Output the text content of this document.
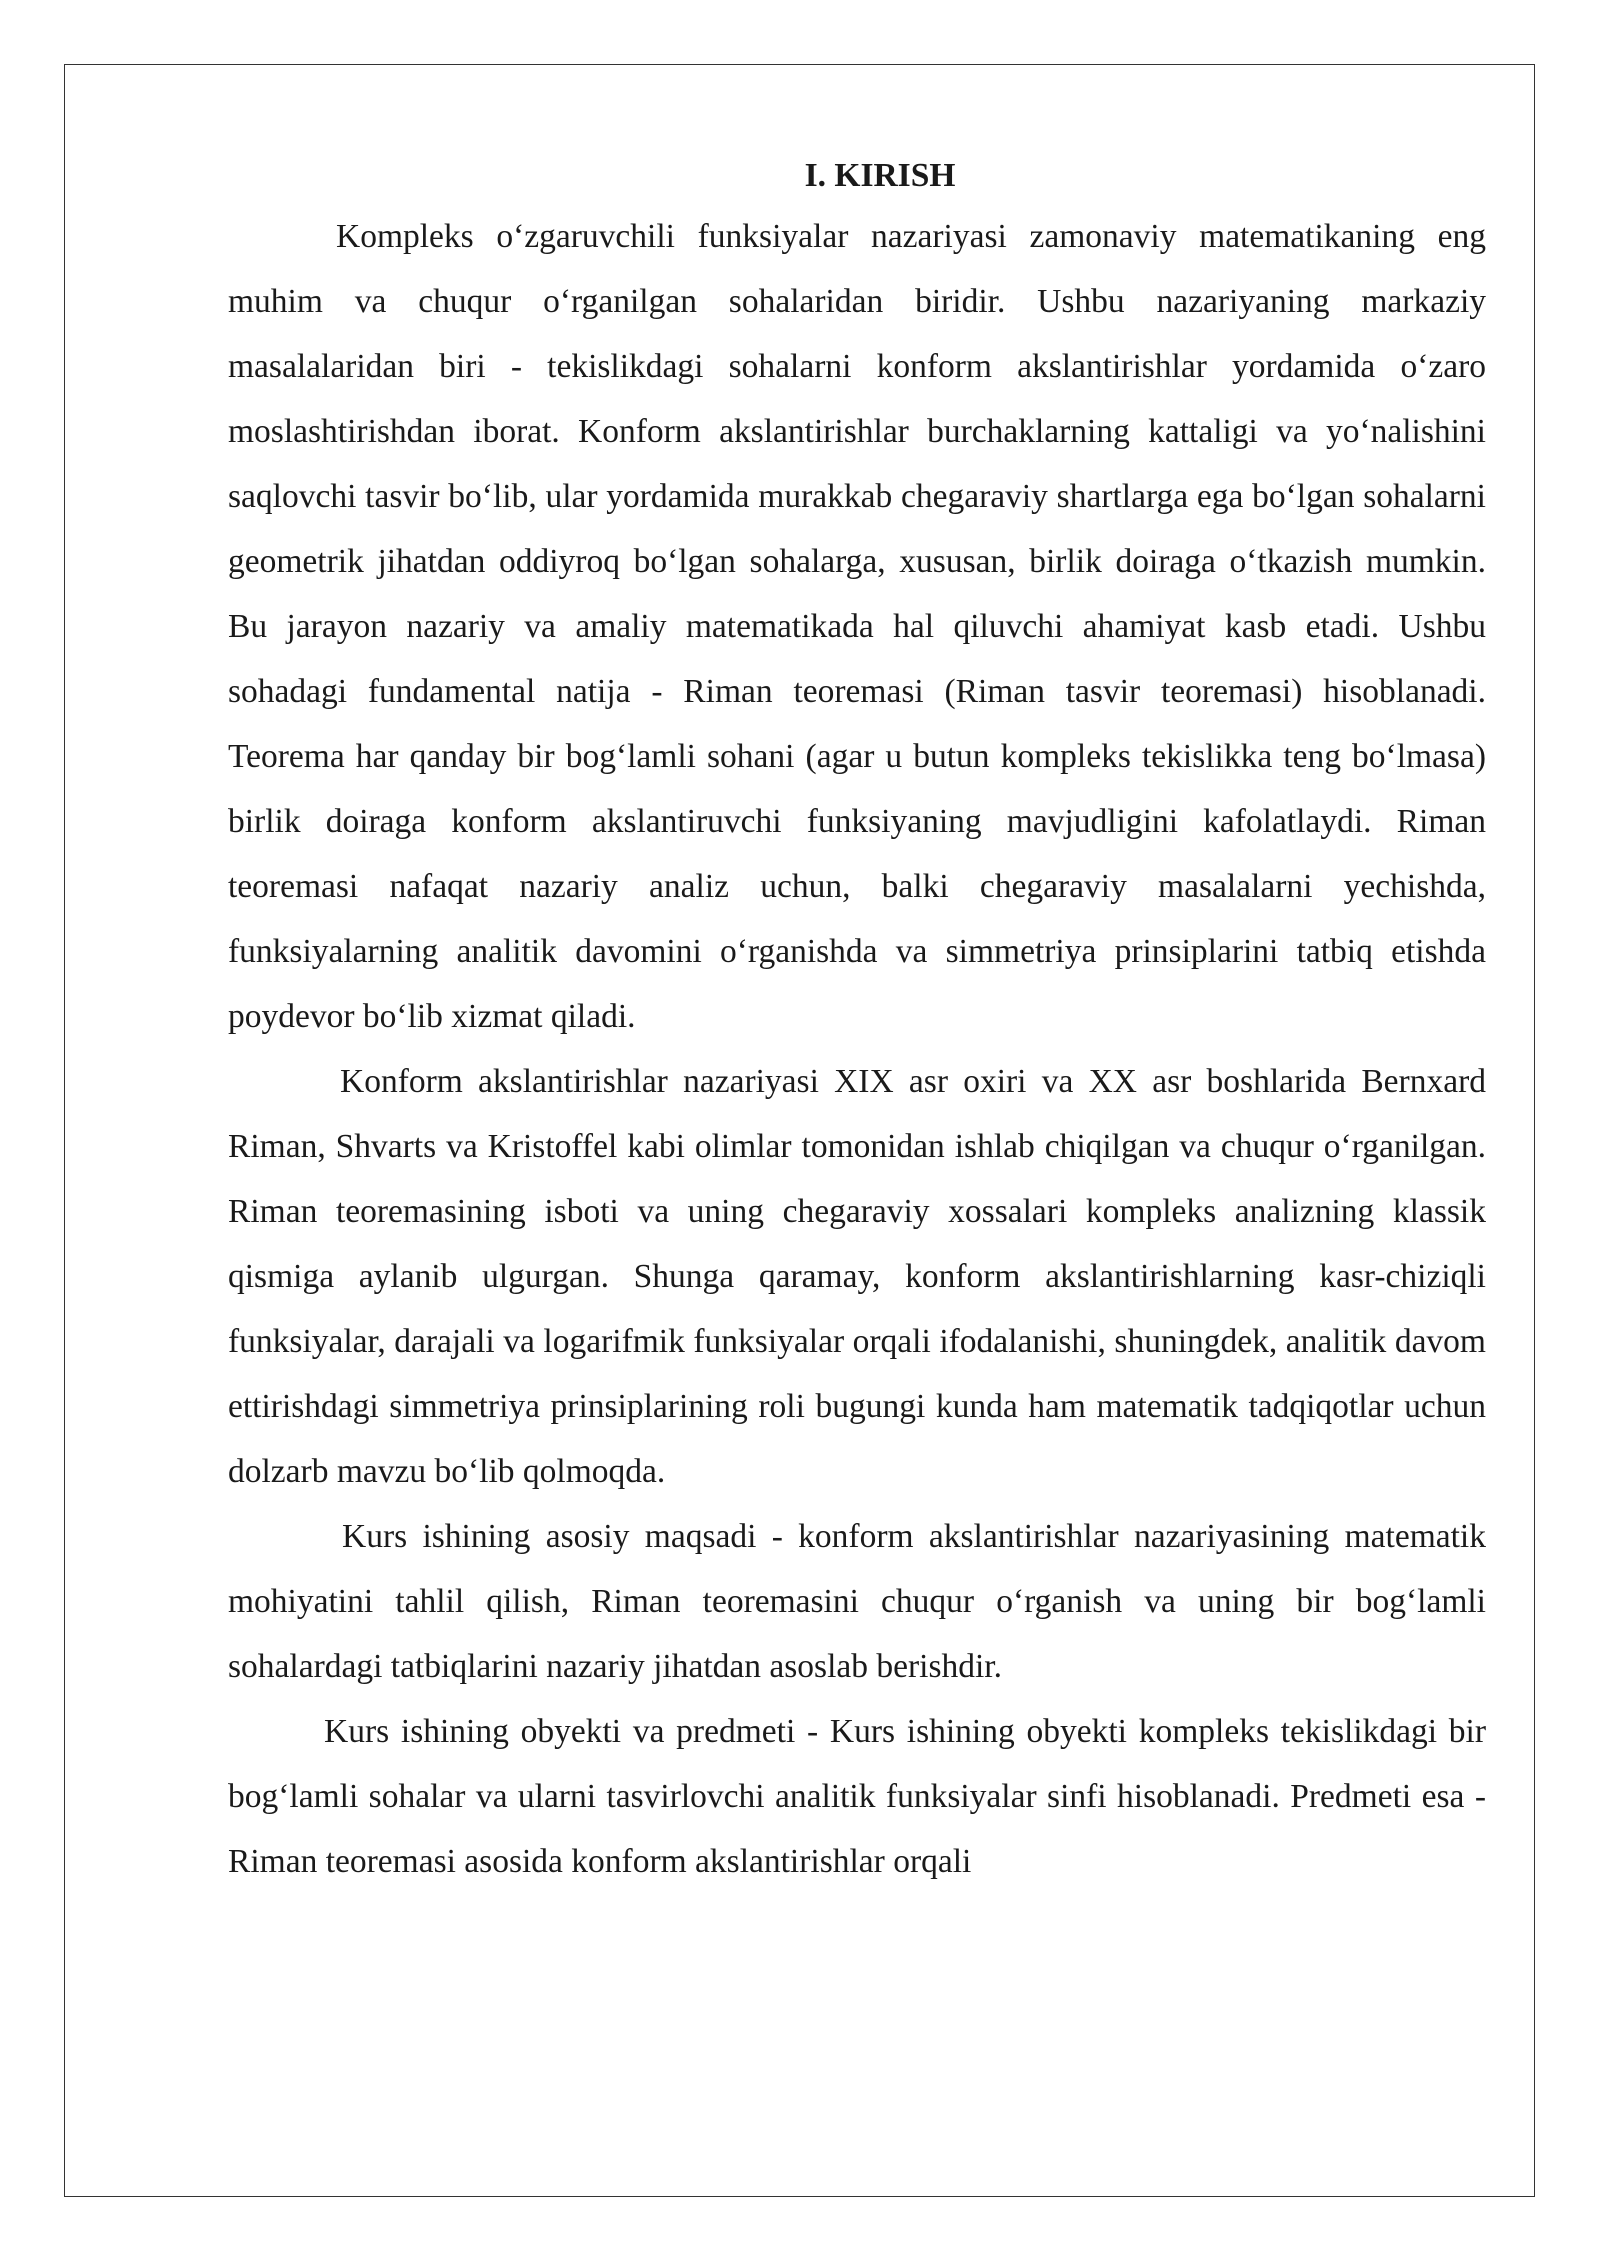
I. KIRISH

Kompleks o‘zgaruvchili funksiyalar nazariyasi zamonaviy matematikaning eng muhim va chuqur o‘rganilgan sohalaridan biridir. Ushbu nazariyaning markaziy masalalaridan biri - tekislikdagi sohalarni konform akslantirishlar yordamida o‘zaro moslashtirishdan iborat. Konform akslantirishlar burchaklarning kattaligi va yo‘nalishini saqlovchi tasvir bo‘lib, ular yordamida murakkab chegaraviy shartlarga ega bo‘lgan sohalarni geometrik jihatdan oddiyroq bo‘lgan sohalarga, xususan, birlik doiraga o‘tkazish mumkin. Bu jarayon nazariy va amaliy matematikada hal qiluvchi ahamiyat kasb etadi. Ushbu sohadagi fundamental natija - Riman teoremasi (Riman tasvir teoremasi) hisoblanadi. Teorema har qanday bir bog‘lamli sohani (agar u butun kompleks tekislikka teng bo‘lmasa) birlik doiraga konform akslantiruvchi funksiyaning mavjudligini kafolatlaydi. Riman teoremasi nafaqat nazariy analiz uchun, balki chegaraviy masalalarni yechishda, funksiyalarning analitik davomini o‘rganishda va simmetriya prinsiplarini tatbiq etishda poydevor bo‘lib xizmat qiladi.

Konform akslantirishlar nazariyasi XIX asr oxiri va XX asr boshlarida Bernxard Riman, Shvarts va Kristoffel kabi olimlar tomonidan ishlab chiqilgan va chuqur o‘rganilgan. Riman teoremasining isboti va uning chegaraviy xossalari kompleks analizning klassik qismiga aylanib ulgurgan. Shunga qaramay, konform akslantirishlarning kasr-chiziqli funksiyalar, darajali va logarifmik funksiyalar orqali ifodalanishi, shuningdek, analitik davom ettirishdagi simmetriya prinsiplarining roli bugungi kunda ham matematik tadqiqotlar uchun dolzarb mavzu bo‘lib qolmoqda.

Kurs ishining asosiy maqsadi - konform akslantirishlar nazariyasining matematik mohiyatini tahlil qilish, Riman teoremasini chuqur o‘rganish va uning bir bog‘lamli sohalardagi tatbiqlarini nazariy jihatdan asoslab berishdir.

Kurs ishining obyekti va predmeti - Kurs ishining obyekti kompleks tekislikdagi bir bog‘lamli sohalar va ularni tasvirlovchi analitik funksiyalar sinfi hisoblanadi. Predmeti esa - Riman teoremasi asosida konform akslantirishlar orqali
